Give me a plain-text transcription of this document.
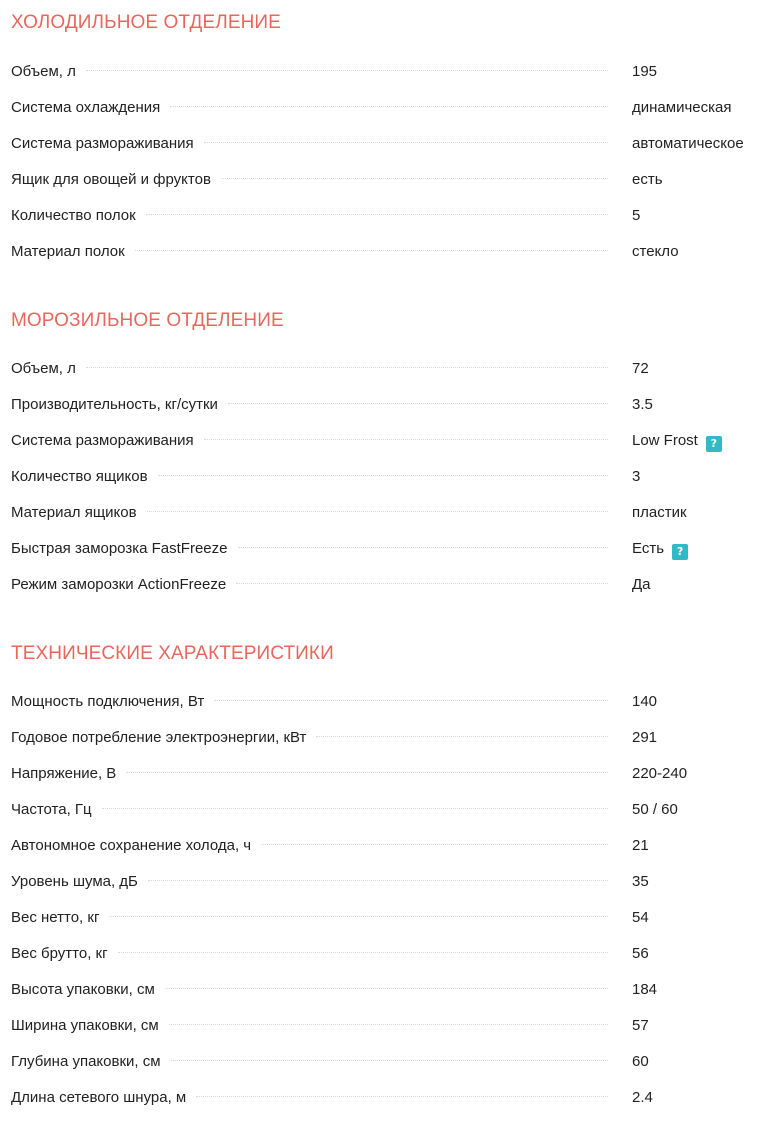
ХОЛОДИЛЬНОЕ ОТДЕЛЕНИЕ
Объем, л	195
Система охлаждения	динамическая
Система размораживания	автоматическое
Ящик для овощей и фруктов	есть
Количество полок	5
Материал полок	стекло
МОРОЗИЛЬНОЕ ОТДЕЛЕНИЕ
Объем, л	72
Производительность, кг/сутки	3.5
Система размораживания	Low Frost ?
Количество ящиков	3
Материал ящиков	пластик
Быстрая заморозка FastFreeze	Есть ?
Режим заморозки ActionFreeze	Да
ТЕХНИЧЕСКИЕ ХАРАКТЕРИСТИКИ
Мощность подключения, Вт	140
Годовое потребление электроэнергии, кВт	291
Напряжение, В	220-240
Частота, Гц	50 / 60
Автономное сохранение холода, ч	21
Уровень шума, дБ	35
Вес нетто, кг	54
Вес брутто, кг	56
Высота упаковки, см	184
Ширина упаковки, см	57
Глубина упаковки, см	60
Длина сетевого шнура, м	2.4
